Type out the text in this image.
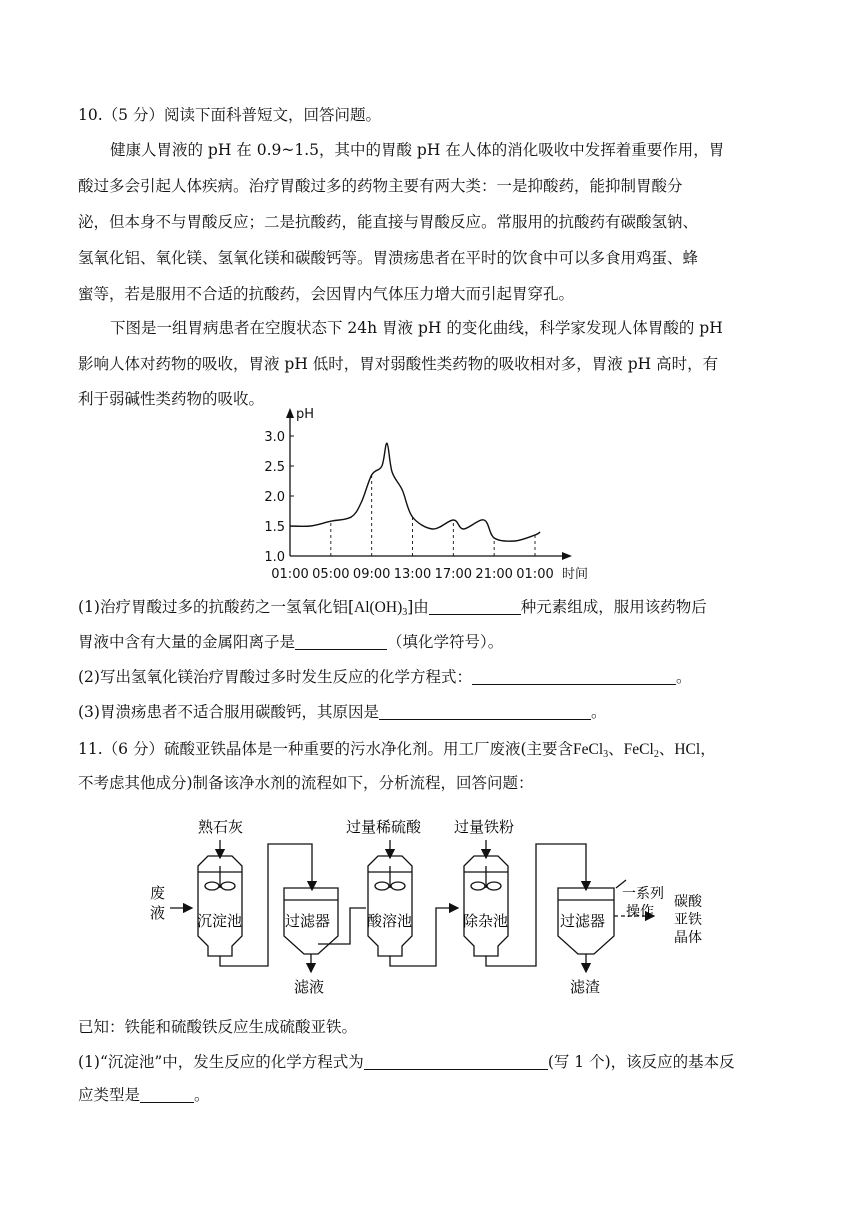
10.（5 分）阅读下面科普短文，回答问题。
健康人胃液的 pH 在 0.9~1.5，其中的胃酸 pH 在人体的消化吸收中发挥着重要作用，胃
酸过多会引起人体疾病。治疗胃酸过多的药物主要有两大类：一是抑酸药，能抑制胃酸分
泌，但本身不与胃酸反应；二是抗酸药，能直接与胃酸反应。常服用的抗酸药有碳酸氢钠、
氢氧化铝、氧化镁、氢氧化镁和碳酸钙等。胃溃疡患者在平时的饮食中可以多食用鸡蛋、蜂
蜜等，若是服用不合适的抗酸药，会因胃内气体压力增大而引起胃穿孔。
下图是一组胃病患者在空腹状态下 24h 胃液 pH 的变化曲线，科学家发现人体胃酸的 pH
影响人体对药物的吸收，胃液 pH 低时，胃对弱酸性类药物的吸收相对多，胃液 pH 高时，有
利于弱碱性类药物的吸收。
1.0
1.5
2.0
2.5
3.0
pH
01:00 05:00 09:00 13:00 17:00 21:00 01:00 时间
(1)治疗胃酸过多的抗酸药之一氢氧化铝$[Al(OH)_3]$由	种元素组成，服用该药物后
胃液中含有大量的金属阳离子是	（填化学符号）。
(2)写出氢氧化镁治疗胃酸过多时发生反应的化学方程式：	。
(3)胃溃疡患者不适合服用碳酸钙，其原因是	。
11.（6 分）硫酸亚铁晶体是一种重要的污水净化剂。用工厂废液(主要含FeCl$_3$、FeCl$_2$、HCl，
不考虑其他成分)制备该净水剂的流程如下，分析流程，回答问题：
熟石灰	过量稀硫酸 过量铁粉
废
液 沉淀池	过滤器 酸溶池	除杂池	过滤器
滤液	滤渣
一系列
操作
碳酸
亚铁
晶体
已知：铁能和硫酸铁反应生成硫酸亚铁。
(1)“沉淀池”中，发生反应的化学方程式为	(写 1 个)，该反应的基本反
应类型是	。
